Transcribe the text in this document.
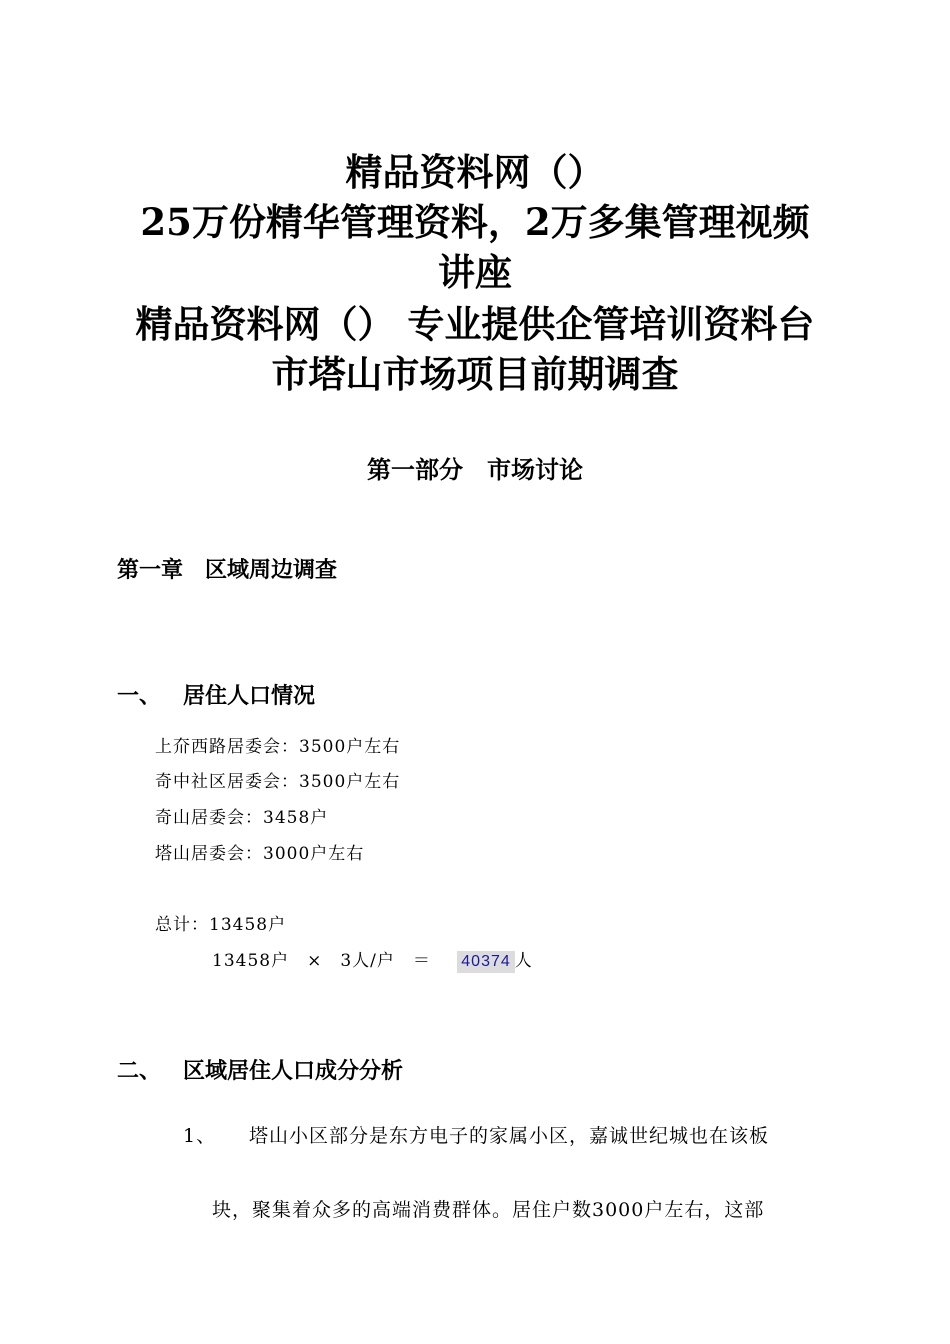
精品资料网（）
25万份精华管理资料，2万多集管理视频
讲座
精品资料网（） 专业提供企管培训资料台
市塔山市场项目前期调查
第一部分　市场讨论
第一章　区域周边调查
一、 居住人口情况
上夼西路居委会：3500户左右
奇中社区居委会：3500户左右
奇山居委会：3458户
塔山居委会：3000户左右
总计：13458户
13458户　×　3人/户　＝ 40374 人
二、 区域居住人口成分分析
1、 塔山小区部分是东方电子的家属小区，嘉诚世纪城也在该板
块，聚集着众多的高端消费群体。居住户数3000户左右，这部
